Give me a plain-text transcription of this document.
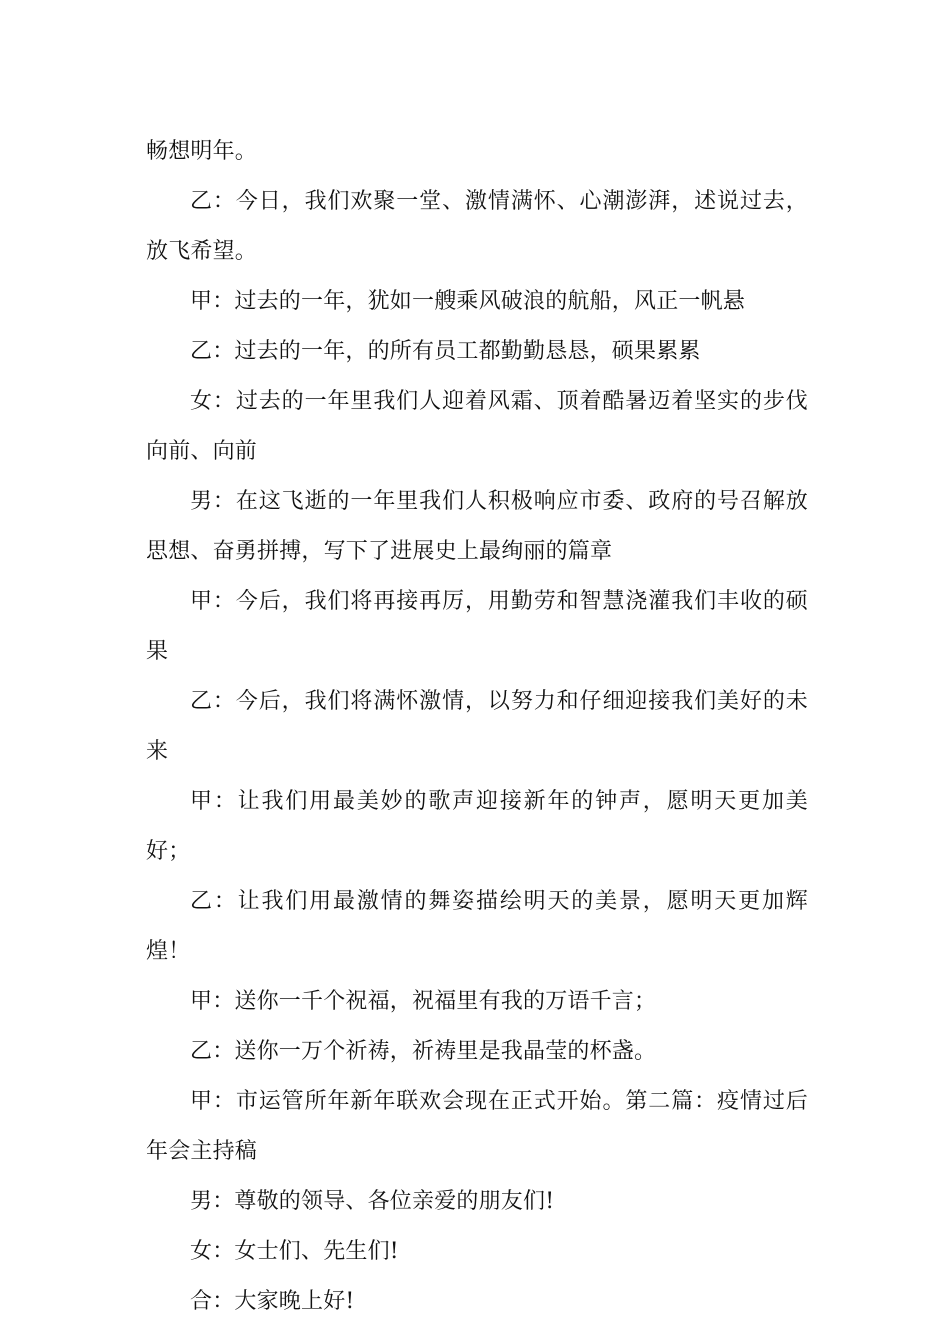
畅想明年。

乙：今日，我们欢聚一堂、激情满怀、心潮澎湃，述说过去，放飞希望。

甲：过去的一年，犹如一艘乘风破浪的航船，风正一帆悬

乙：过去的一年，的所有员工都勤勤恳恳，硕果累累

女：过去的一年里我们人迎着风霜、顶着酷暑迈着坚实的步伐向前、向前

男：在这飞逝的一年里我们人积极响应市委、政府的号召解放思想、奋勇拼搏，写下了进展史上最绚丽的篇章

甲：今后，我们将再接再厉，用勤劳和智慧浇灌我们丰收的硕果

乙：今后，我们将满怀激情，以努力和仔细迎接我们美好的未来

甲：让我们用最美妙的歌声迎接新年的钟声，愿明天更加美好；

乙：让我们用最激情的舞姿描绘明天的美景，愿明天更加辉煌！

甲：送你一千个祝福，祝福里有我的万语千言；

乙：送你一万个祈祷，祈祷里是我晶莹的杯盏。

甲：市运管所年新年联欢会现在正式开始。第二篇：疫情过后年会主持稿

男：尊敬的领导、各位亲爱的朋友们!

女：女士们、先生们!

合：大家晚上好!
